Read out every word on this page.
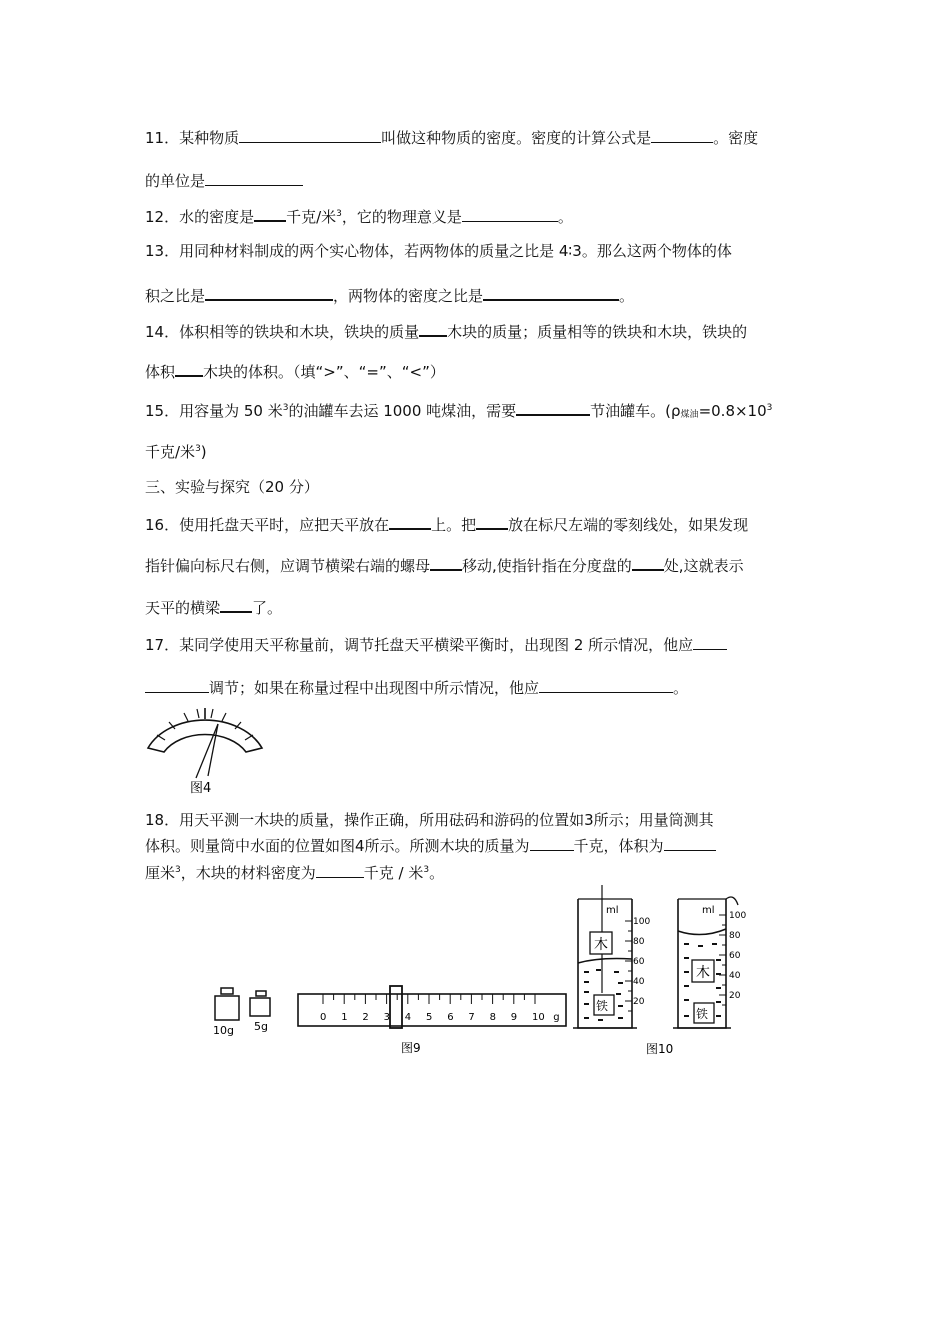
11．某种物质	叫做这种物质的密度。密度的计算公式是	。密度
的单位是
12．水的密度是 千克/米$^3$，它的物理意义是	。
13．用同种材料制成的两个实心物体，若两物体的质量之比是 4∶3。那么这两个物体的体
积之比是	，两物体的密度之比是	。
14．体积相等的铁块和木块，铁块的质量 木块的质量；质量相等的铁块和木块，铁块的
体积 木块的体积。（填“>”、“=”、“<”）
15．用容量为 50 米$^3$的油罐车去运 1000 吨煤油，需要	节油罐车。($\rho_{煤油}=0.8\times 10^3$
千克/米$^3$)
三、实验与探究（20 分）
16．使用托盘天平时，应把天平放在	上。把 放在标尺左端的零刻线处，如果发现
指针偏向标尺右侧，应调节横梁右端的螺母 移动,使指针指在分度盘的 处,这就表示
天平的横梁 了。
17．某同学使用天平称量前，调节托盘天平横梁平衡时，出现图 2 所示情况，他应
调节；如果在称量过程中出现图中所示情况，他应	。
图4
18．用天平测一木块的质量，操作正确，所用砝码和游码的位置如3所示；用量筒测其
体积。则量筒中水面的位置如图4所示。所测木块的质量为	千克，体积为
厘米$^3$，木块的材料密度为	千克 / 米$^3$。
10g 5g
0 1 2 3 4 5 6 7 8 9 10 g
图9
ml
木
铁
100
80
60
40
20
ml
木
铁
100
80
60
40
20
图10
